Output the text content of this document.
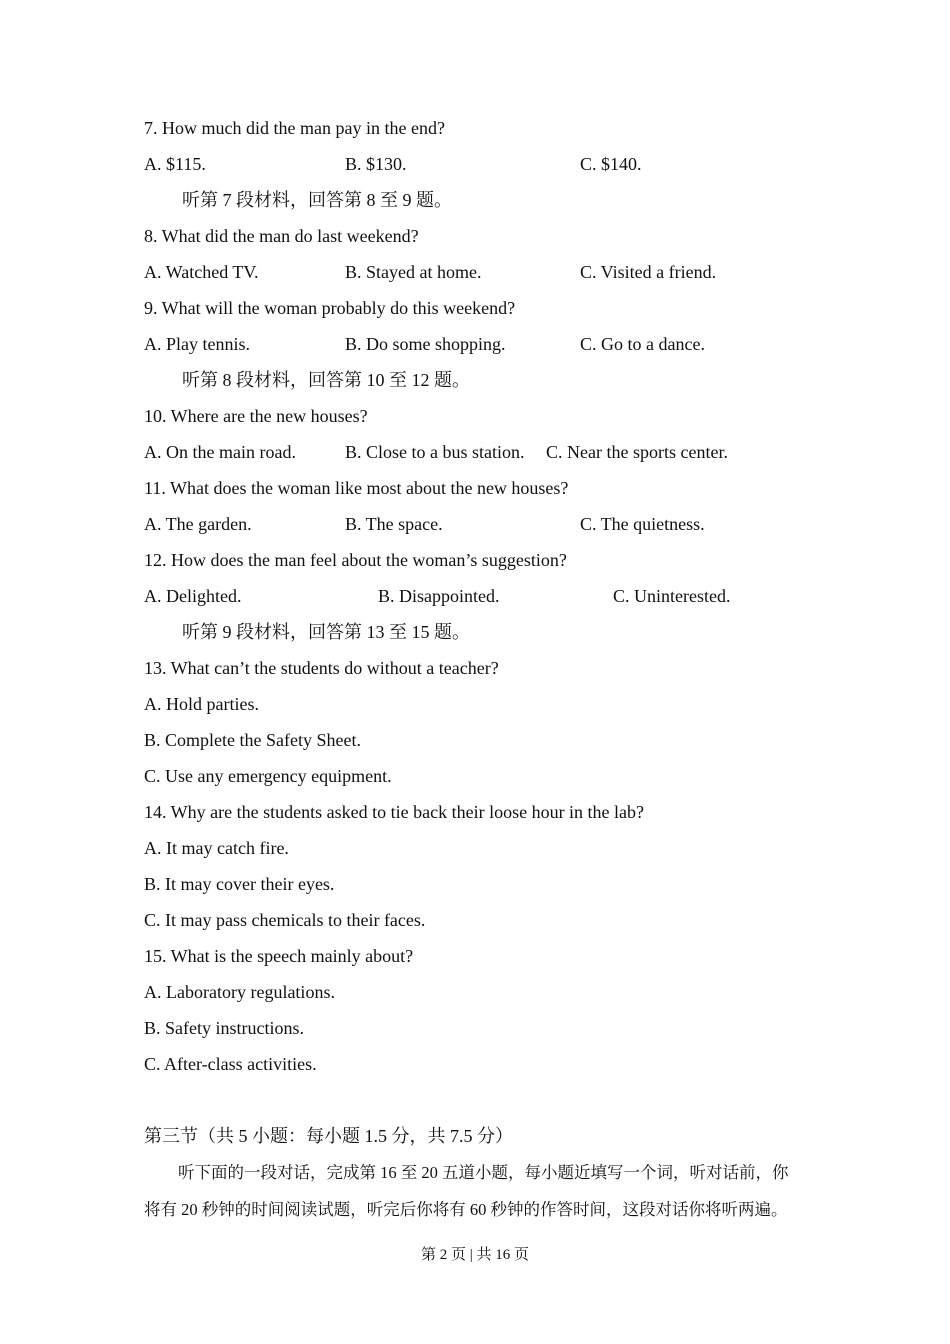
7. How much did the man pay in the end?
A. $115.	B. $130.	C. $140.
听第 7 段材料，回答第 8 至 9 题。
8. What did the man do last weekend?
A. Watched TV.	B. Stayed at home.	C. Visited a friend.
9. What will the woman probably do this weekend?
A. Play tennis.	B. Do some shopping.	C. Go to a dance.
听第 8 段材料，回答第 10 至 12 题。
10. Where are the new houses?
A. On the main road.	B. Close to a bus station. C. Near the sports center.
11. What does the woman like most about the new houses?
A. The garden.	B. The space.	C. The quietness.
12. How does the man feel about the woman’s suggestion?
A. Delighted.	B. Disappointed.	C. Uninterested.
听第 9 段材料，回答第 13 至 15 题。
13. What can’t the students do without a teacher?
A. Hold parties.
B. Complete the Safety Sheet.
C. Use any emergency equipment.
14. Why are the students asked to tie back their loose hour in the lab?
A. It may catch fire.
B. It may cover their eyes.
C. It may pass chemicals to their faces.
15. What is the speech mainly about?
A. Laboratory regulations.
B. Safety instructions.
C. After-class activities.
第三节（共 5 小题：每小题 1.5 分，共 7.5 分）
听下面的一段对话，完成第 16 至 20 五道小题，每小题近填写一个词，听对话前，你
将有 20 秒钟的时间阅读试题，听完后你将有 60 秒钟的作答时间，这段对话你将听两遍。
第 2 页 | 共 16 页
